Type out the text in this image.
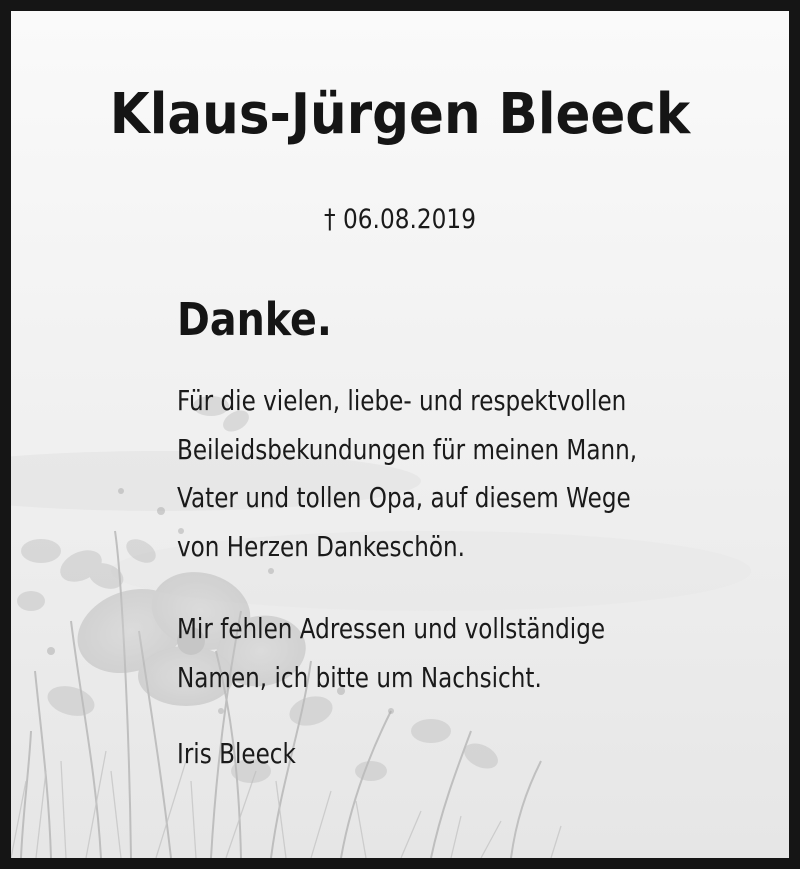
Klaus-Jürgen Bleeck
† 06.08.2019
Danke.

Für die vielen, liebe- und respektvollen

Beileidsbekundungen für meinen Mann,

Vater und tollen Opa, auf diesem Wege

von Herzen Dankeschön.

Mir fehlen Adressen und vollständige

Namen, ich bitte um Nachsicht.

Iris Bleeck
